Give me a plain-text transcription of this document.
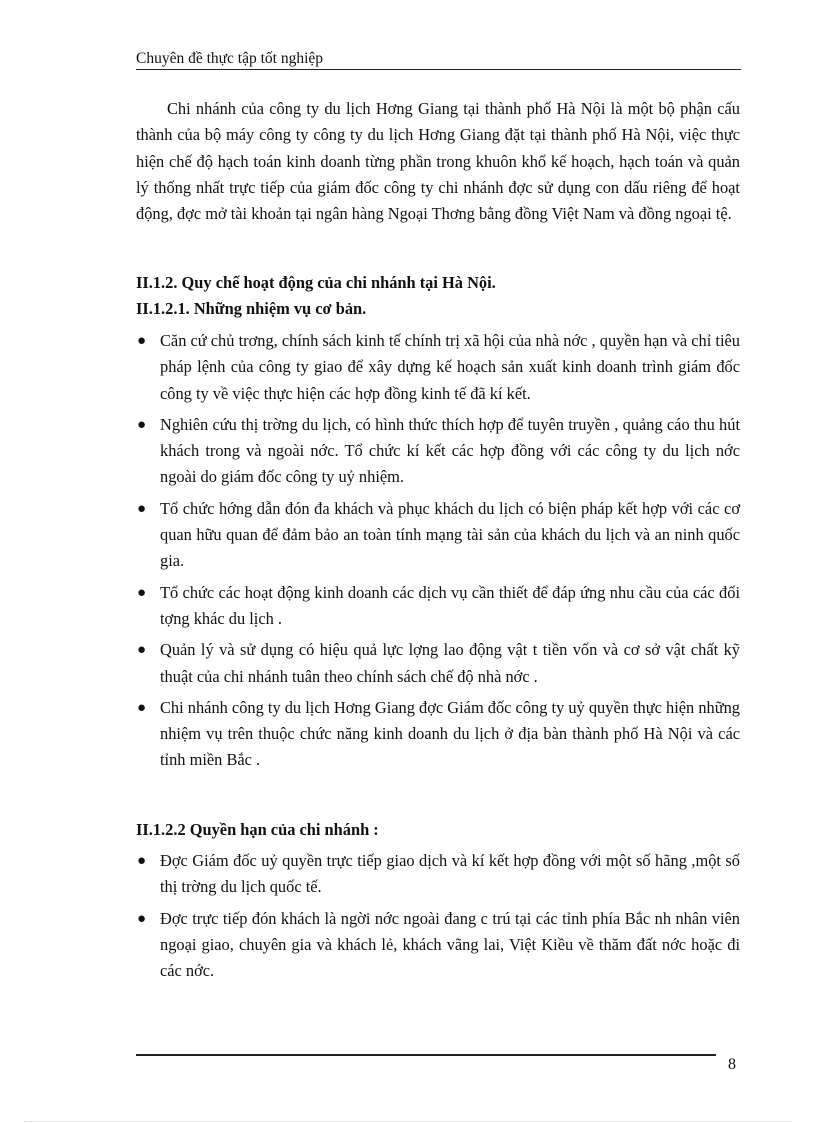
Chuyên đề thực tập tốt nghiệp

Chi nhánh của công ty du lịch Hơng Giang tại thành phố Hà Nội là một bộ phận cấu thành của bộ máy công ty công ty du lịch Hơng Giang đặt tại thành phố Hà Nội, việc thực hiện chế độ hạch toán kinh doanh từng phần trong khuôn khổ kế hoạch, hạch toán và quản lý thống nhất trực tiếp của giám đốc công ty chi nhánh đợc sử dụng con dấu riêng để hoạt động, đợc mở tài khoản tại ngân hàng Ngoại Thơng bằng đồng Việt Nam và đồng ngoại tệ.

II.1.2. Quy chế hoạt động của chi nhánh tại Hà Nội.
II.1.2.1. Những nhiệm vụ cơ bản.
● Căn cứ chủ trơng, chính sách kinh tế chính trị xã hội của nhà nớc , quyền hạn và chỉ tiêu pháp lệnh của công ty giao để xây dựng kế hoạch sản xuất kinh doanh trình giám đốc công ty về việc thực hiện các hợp đồng kinh tế đã kí kết.
● Nghiên cứu thị trờng du lịch, có hình thức thích hợp để tuyên truyền , quảng cáo thu hút khách trong và ngoài nớc. Tổ chức kí kết các hợp đồng với các công ty du lịch nớc ngoài do giám đốc công ty uỷ nhiệm.
● Tổ chức hớng dẫn đón đa khách và phục khách du lịch có biện pháp kết hợp với các cơ quan hữu quan để đảm bảo an toàn tính mạng tài sản của khách du lịch và an ninh quốc gia.
● Tổ chức các hoạt động kinh doanh các dịch vụ cần thiết để đáp ứng nhu cầu của các đối tợng khác du lịch .
● Quản lý và sử dụng có hiệu quả lực lợng lao động vật t tiền vốn và cơ sở vật chất kỹ thuật của chi nhánh tuân theo chính sách chế độ nhà nớc .
● Chi nhánh công ty du lịch Hơng Giang đợc Giám đốc công ty uỷ quyền thực hiện những nhiệm vụ trên thuộc chức năng kinh doanh du lịch ở địa bàn thành phố Hà Nội và các tỉnh miền Bắc .
II.1.2.2 Quyền hạn của chi nhánh :
● Đợc Giám đốc uỷ quyền trực tiếp giao dịch và kí kết hợp đồng với một số hãng ,một số thị trờng du lịch quốc tế.
● Đợc trực tiếp đón khách là ngời nớc ngoài đang c trú tại các tỉnh phía Bắc nh nhân viên ngoại giao, chuyên gia và khách lẻ, khách vãng lai, Việt Kiều về thăm đất nớc hoặc đi các nớc.
8
